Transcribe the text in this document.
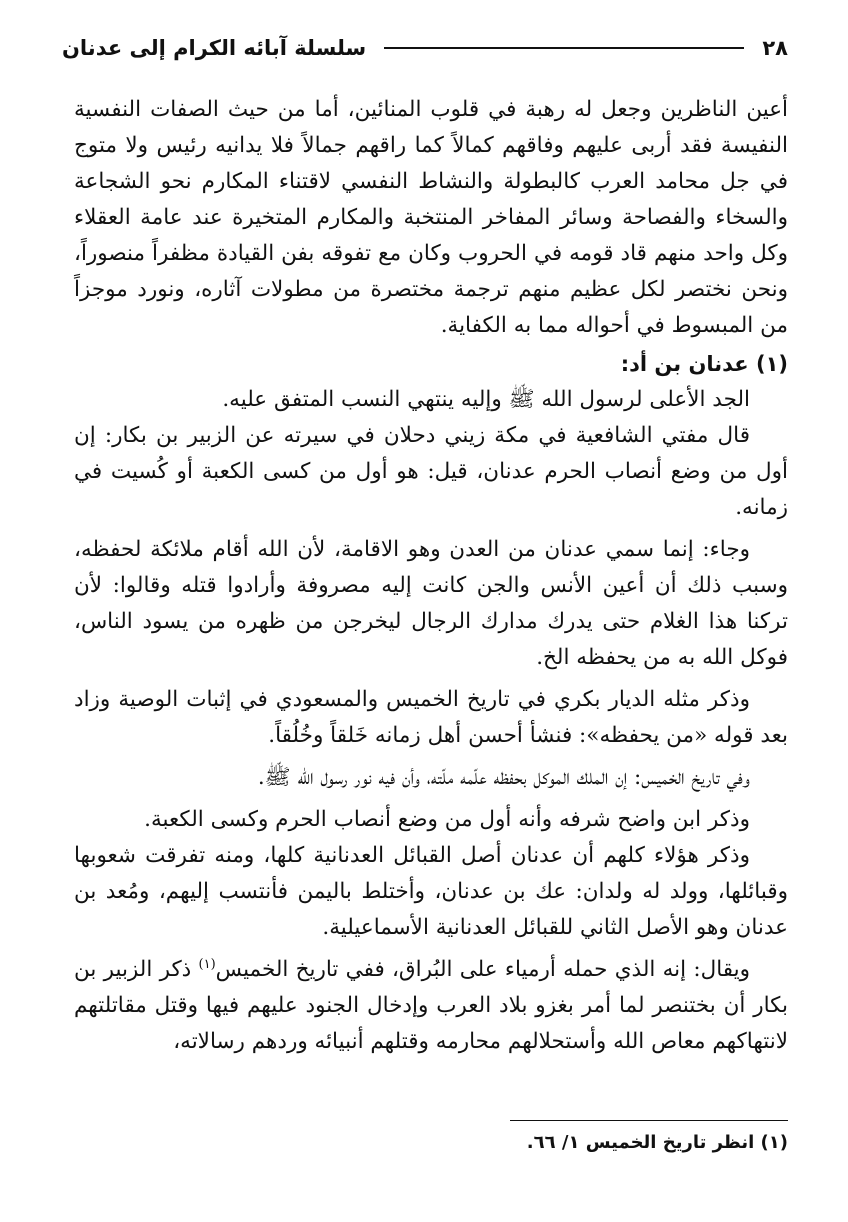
٢٨
سلسلة آبائه الكرام إلى عدنان

أعين الناظرين وجعل له رهبة في قلوب المنائين، أما من حيث الصفات النفسية النفيسة فقد أربى عليهم وفاقهم كمالاً كما راقهم جمالاً فلا يدانيه رئيس ولا متوج في جل محامد العرب كالبطولة والنشاط النفسي لاقتناء المكارم نحو الشجاعة والسخاء والفصاحة وسائر المفاخر المنتخبة والمكارم المتخيرة عند عامة العقلاء وكل واحد منهم قاد قومه في الحروب وكان مع تفوقه بفن القيادة مظفراً منصوراً، ونحن نختصر لكل عظيم منهم ترجمة مختصرة من مطولات آثاره، ونورد موجزاً من المبسوط في أحواله مما به الكفاية.

(١) عدنان بن أد:

الجد الأعلى لرسول الله ﷺ وإليه ينتهي النسب المتفق عليه.

قال مفتي الشافعية في مكة زيني دحلان في سيرته عن الزبير بن بكار: إن أول من وضع أنصاب الحرم عدنان، قيل: هو أول من كسى الكعبة أو كُسيت في زمانه.

وجاء: إنما سمي عدنان من العدن وهو الاقامة، لأن الله أقام ملائكة لحفظه، وسبب ذلك أن أعين الأنس والجن كانت إليه مصروفة وأرادوا قتله وقالوا: لأن تركنا هذا الغلام حتى يدرك مدارك الرجال ليخرجن من ظهره من يسود الناس، فوكل الله به من يحفظه الخ.

وذكر مثله الديار بكري في تاريخ الخميس والمسعودي في إثبات الوصية وزاد بعد قوله «من يحفظه»: فنشأ أحسن أهل زمانه خَلقاً وخُلُقاً.

وفي تاريخ الخميس: إن الملك الموكل بحفظه علّمه ملّته، وأن فيه نور رسول الله ﷺ.

وذكر ابن واضح شرفه وأنه أول من وضع أنصاب الحرم وكسى الكعبة.

وذكر هؤلاء كلهم أن عدنان أصل القبائل العدنانية كلها، ومنه تفرقت شعوبها وقبائلها، وولد له ولدان: عك بن عدنان، وأختلط باليمن فأنتسب إليهم، ومُعد بن عدنان وهو الأصل الثاني للقبائل العدنانية الأسماعيلية.

ويقال: إنه الذي حمله أرمياء على البُراق، ففي تاريخ الخميس$^{(١)}$ ذكر الزبير بن بكار أن بختنصر لما أمر بغزو بلاد العرب وإدخال الجنود عليهم فيها وقتل مقاتلتهم لانتهاكهم معاص الله وأستحلالهم محارمه وقتلهم أنبيائه وردهم رسالاته،

(١) انظر تاريخ الخميس ١/ ٦٦.
